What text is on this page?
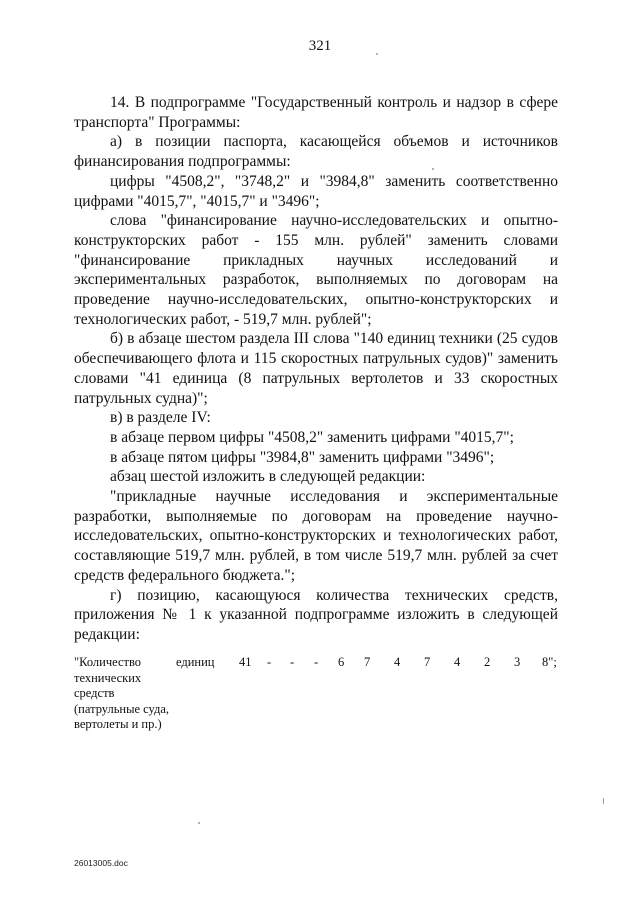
321

14. В подпрограмме "Государственный контроль и надзор в сфере транспорта" Программы:

а) в позиции паспорта, касающейся объемов и источников финансирования подпрограммы:

цифры "4508,2", "3748,2" и "3984,8" заменить соответственно цифрами "4015,7", "4015,7" и "3496";

слова "финансирование научно-исследовательских и опытно-конструкторских работ - 155 млн. рублей" заменить словами "финансирование прикладных научных исследований и экспериментальных разработок, выполняемых по договорам на проведение научно-исследовательских, опытно-конструкторских и технологических работ, - 519,7 млн. рублей";

б) в абзаце шестом раздела III слова "140 единиц техники (25 судов обеспечивающего флота и 115 скоростных патрульных судов)" заменить словами "41 единица (8 патрульных вертолетов и 33 скоростных патрульных судна)";

в) в разделе IV:

в абзаце первом цифры "4508,2" заменить цифрами "4015,7";

в абзаце пятом цифры "3984,8" заменить цифрами "3496";

абзац шестой изложить в следующей редакции:

"прикладные научные исследования и экспериментальные разработки, выполняемые по договорам на проведение научно-исследовательских, опытно-конструкторских и технологических работ, составляющие 519,7 млн. рублей, в том числе 519,7 млн. рублей за счет средств федерального бюджета.";

г) позицию, касающуюся количества технических средств, приложения № 1 к указанной подпрограмме изложить в следующей редакции:

"Количество технических средств (патрульные суда, вертолеты и пр.)
единиц 41 - - - 6 7 4 7 4 2 3 8";
26013005.doc
